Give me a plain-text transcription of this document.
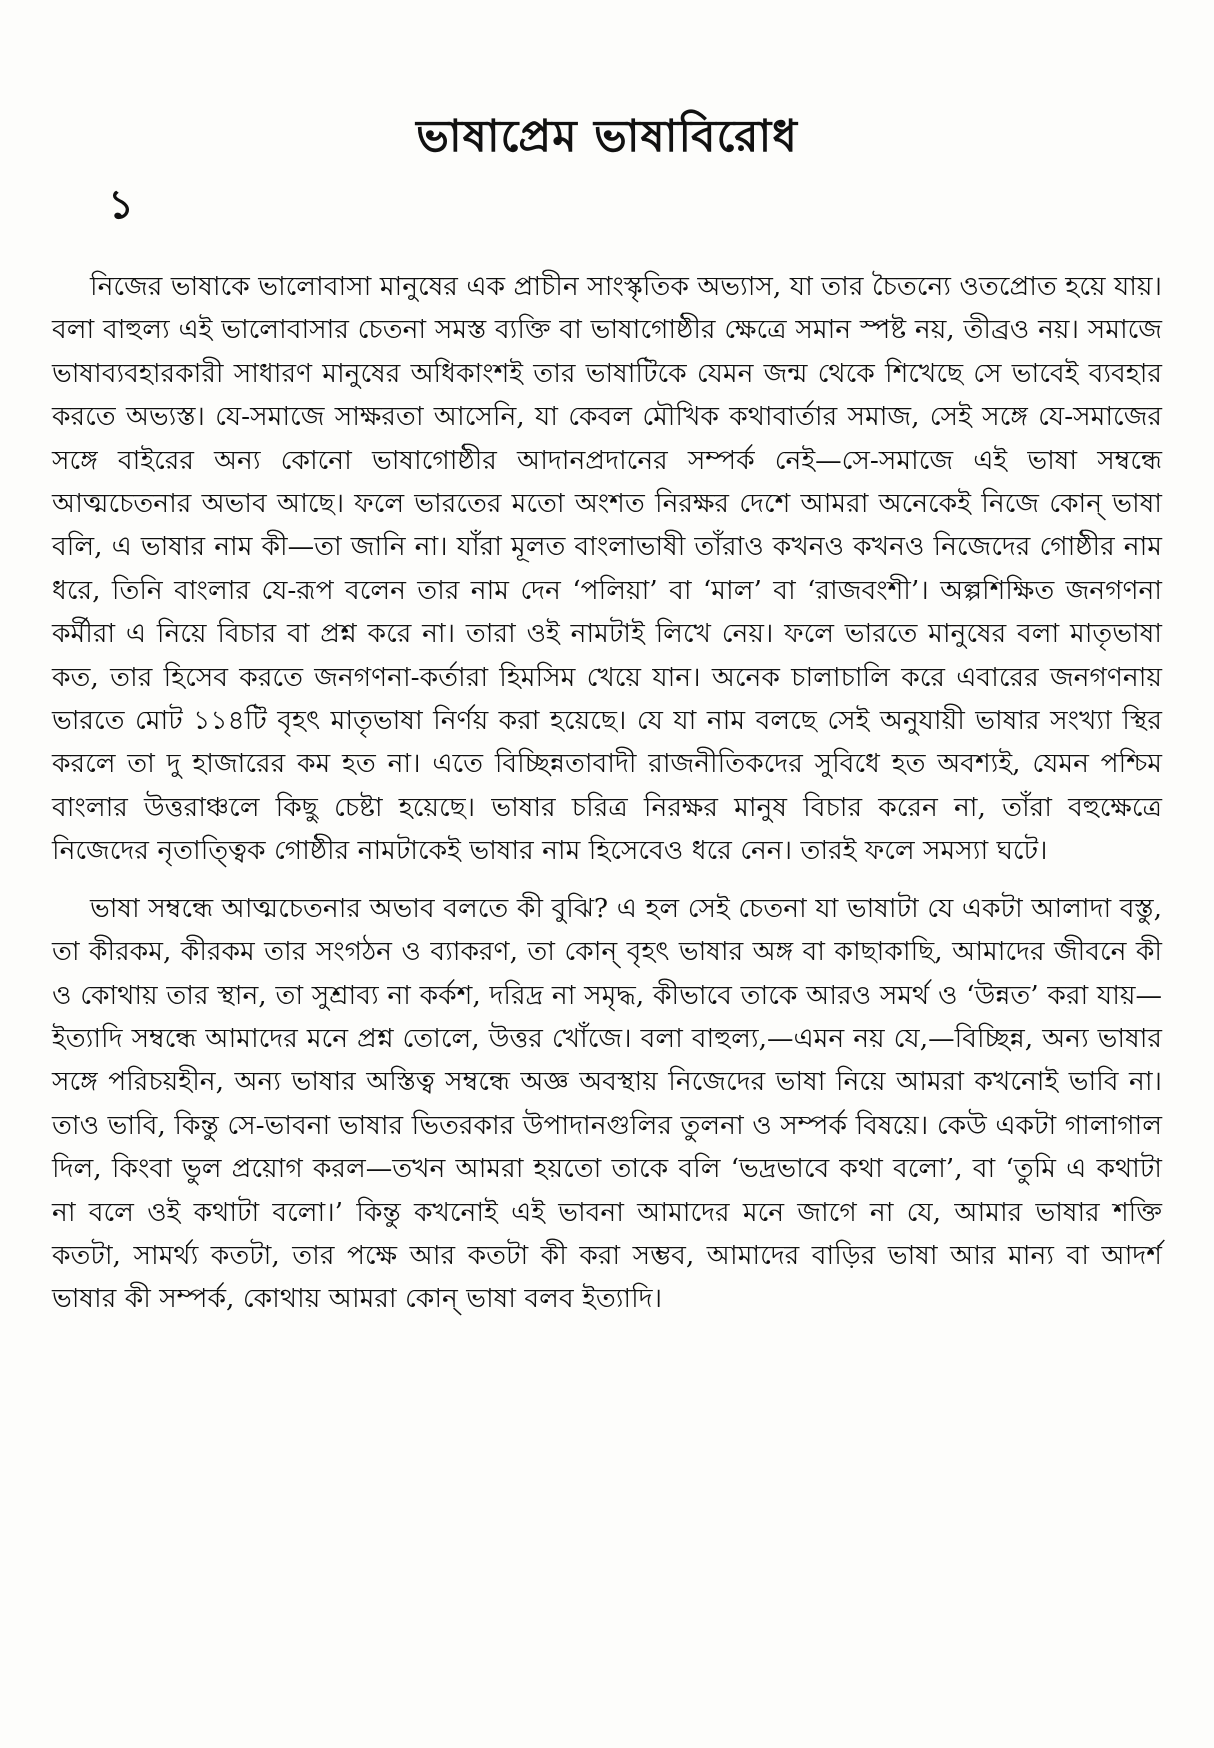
ভাষাপ্রেম ভাষাবিরোধ
১

নিজের ভাষাকে ভালোবাসা মানুষের এক প্রাচীন সাংস্কৃতিক অভ্যাস, যা তার চৈতন্যে ওতপ্রোত হয়ে যায়। বলা বাহুল্য এই ভালোবাসার চেতনা সমস্ত ব্যক্তি বা ভাষাগোষ্ঠীর ক্ষেত্রে সমান স্পষ্ট নয়, তীব্রও নয়। সমাজে ভাষাব্যবহারকারী সাধারণ মানুষের অধিকাংশই তার ভাষাটিকে যেমন জন্ম থেকে শিখেছে সে ভাবেই ব্যবহার করতে অভ্যস্ত। যে-সমাজে সাক্ষরতা আসেনি, যা কেবল মৌখিক কথাবার্তার সমাজ, সেই সঙ্গে যে-সমাজের সঙ্গে বাইরের অন্য কোনো ভাষাগোষ্ঠীর আদানপ্রদানের সম্পর্ক নেই—সে-সমাজে এই ভাষা সম্বন্ধে আত্মচেতনার অভাব আছে। ফলে ভারতের মতো অংশত নিরক্ষর দেশে আমরা অনেকেই নিজে কোন্ ভাষা বলি, এ ভাষার নাম কী—তা জানি না। যাঁরা মূলত বাংলাভাষী তাঁরাও কখনও কখনও নিজেদের গোষ্ঠীর নাম ধরে, তিনি বাংলার যে-রূপ বলেন তার নাম দেন ‘পলিয়া’ বা ‘মাল’ বা ‘রাজবংশী’। অল্পশিক্ষিত জনগণনা কর্মীরা এ নিয়ে বিচার বা প্রশ্ন করে না। তারা ওই নামটাই লিখে নেয়। ফলে ভারতে মানুষের বলা মাতৃভাষা কত, তার হিসেব করতে জনগণনা-কর্তারা হিমসিম খেয়ে যান। অনেক চালাচালি করে এবারের জনগণনায় ভারতে মোট ১১৪টি বৃহৎ মাতৃভাষা নির্ণয় করা হয়েছে। যে যা নাম বলছে সেই অনুযায়ী ভাষার সংখ্যা স্থির করলে তা দু হাজারের কম হত না। এতে বিচ্ছিন্নতাবাদী রাজনীতিকদের সুবিধে হত অবশ্যই, যেমন পশ্চিম বাংলার উত্তরাঞ্চলে কিছু চেষ্টা হয়েছে। ভাষার চরিত্র নিরক্ষর মানুষ বিচার করেন না, তাঁরা বহুক্ষেত্রে নিজেদের নৃতাত্ত্বিক গোষ্ঠীর নামটাকেই ভাষার নাম হিসেবেও ধরে নেন। তারই ফলে সমস্যা ঘটে।

ভাষা সম্বন্ধে আত্মচেতনার অভাব বলতে কী বুঝি? এ হল সেই চেতনা যা ভাষাটা যে একটা আলাদা বস্তু, তা কীরকম, কীরকম তার সংগঠন ও ব্যাকরণ, তা কোন্ বৃহৎ ভাষার অঙ্গ বা কাছাকাছি, আমাদের জীবনে কী ও কোথায় তার স্থান, তা সুশ্রাব্য না কর্কশ, দরিদ্র না সমৃদ্ধ, কীভাবে তাকে আরও সমর্থ ও ‘উন্নত’ করা যায়—ইত্যাদি সম্বন্ধে আমাদের মনে প্রশ্ন তোলে, উত্তর খোঁজে। বলা বাহুল্য,—এমন নয় যে,—বিচ্ছিন্ন, অন্য ভাষার সঙ্গে পরিচয়হীন, অন্য ভাষার অস্তিত্ব সম্বন্ধে অজ্ঞ অবস্থায় নিজেদের ভাষা নিয়ে আমরা কখনোই ভাবি না। তাও ভাবি, কিন্তু সে-ভাবনা ভাষার ভিতরকার উপাদানগুলির তুলনা ও সম্পর্ক বিষয়ে। কেউ একটা গালাগাল দিল, কিংবা ভুল প্রয়োগ করল—তখন আমরা হয়তো তাকে বলি ‘ভদ্রভাবে কথা বলো’, বা ‘তুমি এ কথাটা না বলে ওই কথাটা বলো।’ কিন্তু কখনোই এই ভাবনা আমাদের মনে জাগে না যে, আমার ভাষার শক্তি কতটা, সামর্থ্য কতটা, তার পক্ষে আর কতটা কী করা সম্ভব, আমাদের বাড়ির ভাষা আর মান্য বা আদর্শ ভাষার কী সম্পর্ক, কোথায় আমরা কোন্ ভাষা বলব ইত্যাদি।
